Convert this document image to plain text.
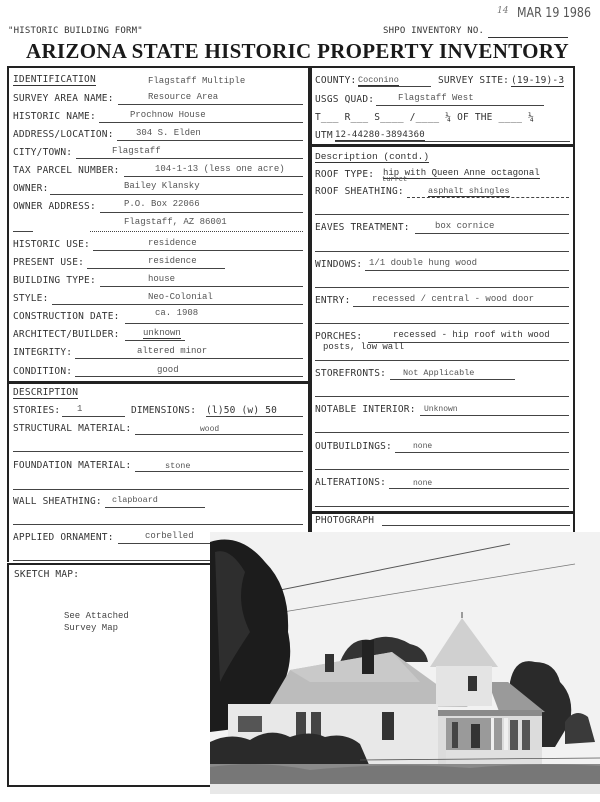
14 MAR 19 1986
"HISTORIC BUILDING FORM"	SHPO INVENTORY NO.
ARIZONA STATE HISTORIC PROPERTY INVENTORY
IDENTIFICATION	Flagstaff Multiple
SURVEY AREA NAME:	Resource Area
HISTORIC NAME:	Prochnow House
ADDRESS/LOCATION: 304 S. Elden
CITY/TOWN:	Flagstaff
TAX PARCEL NUMBER:	104-1-13 (less one acre)
OWNER:	Bailey Klansky
OWNER ADDRESS:	P.O. Box 22066
Flagstaff, AZ 86001
HISTORIC USE:	residence
PRESENT USE:	residence
BUILDING TYPE:	house
STYLE:	Neo-Colonial
CONSTRUCTION DATE:	ca. 1908
ARCHITECT/BUILDER:	unknown
INTEGRITY:	altered minor
CONDITION:	good
COUNTY: Coconino	SURVEY SITE: (19-19)-3
USGS QUAD:	Flagstaff West
T___ R___ S____ /____ ¼ OF THE ____ ¼
UTM 12-44280-3894360
Description (contd.)
ROOF TYPE: hip with Queen Anne octagonal
turret
ROOF SHEATHING:	asphalt shingles
EAVES TREATMENT:	box cornice
WINDOWS: 1/1 double hung wood
ENTRY: recessed / central - wood door
PORCHES:	recessed - hip roof with wood
posts, low wall
STOREFRONTS: Not Applicable
NOTABLE INTERIOR: Unknown
OUTBUILDINGS:	none
ALTERATIONS:	none
DESCRIPTION
STORIES: 1	DIMENSIONS: (l)50 (w) 50
STRUCTURAL MATERIAL:	wood
FOUNDATION MATERIAL:	stone
WALL SHEATHING: clapboard
APPLIED ORNAMENT:	corbelled
PHOTOGRAPH
SKETCH MAP:
See Attached
Survey Map
